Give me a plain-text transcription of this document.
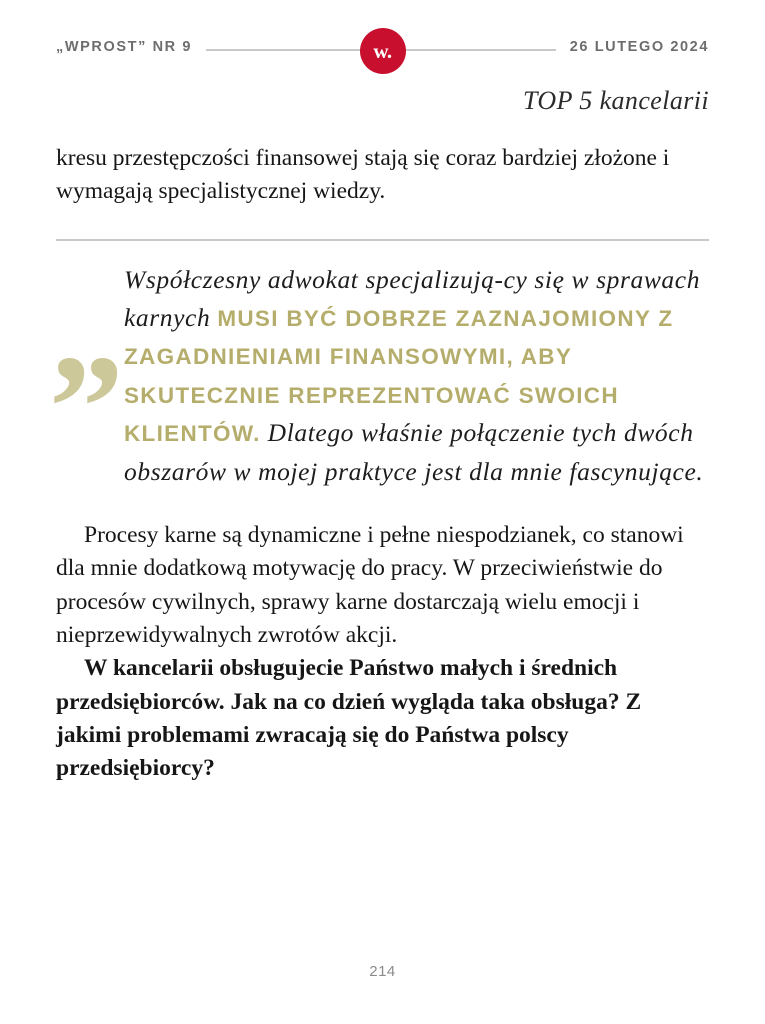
„WPROST” NR 9	w.	26 LUTEGO 2024
TOP 5 kancelarii

kresu przestępczości finansowej stają się coraz bardziej złożone i wymagają specjalistycznej wiedzy.

„ Współczesny adwokat specjalizują-cy się w sprawach karnych MUSI BYĆ DOBRZE ZAZNAJOMIONY Z ZAGADNIENIAMI FINANSOWYMI, ABY SKUTECZNIE REPREZENTOWAĆ SWOICH KLIENTÓW. Dlatego właśnie połączenie tych dwóch obszarów w mojej praktyce jest dla mnie fascynujące.

Procesy karne są dynamiczne i pełne niespodzianek, co stanowi dla mnie dodatkową motywację do pracy. W przeciwieństwie do procesów cywilnych, sprawy karne dostarczają wielu emocji i nieprzewidywalnych zwrotów akcji.

W kancelarii obsługujecie Państwo małych i średnich przedsiębiorców. Jak na co dzień wygląda taka obsługa? Z jakimi problemami zwracają się do Państwa polscy przedsiębiorcy?

214
